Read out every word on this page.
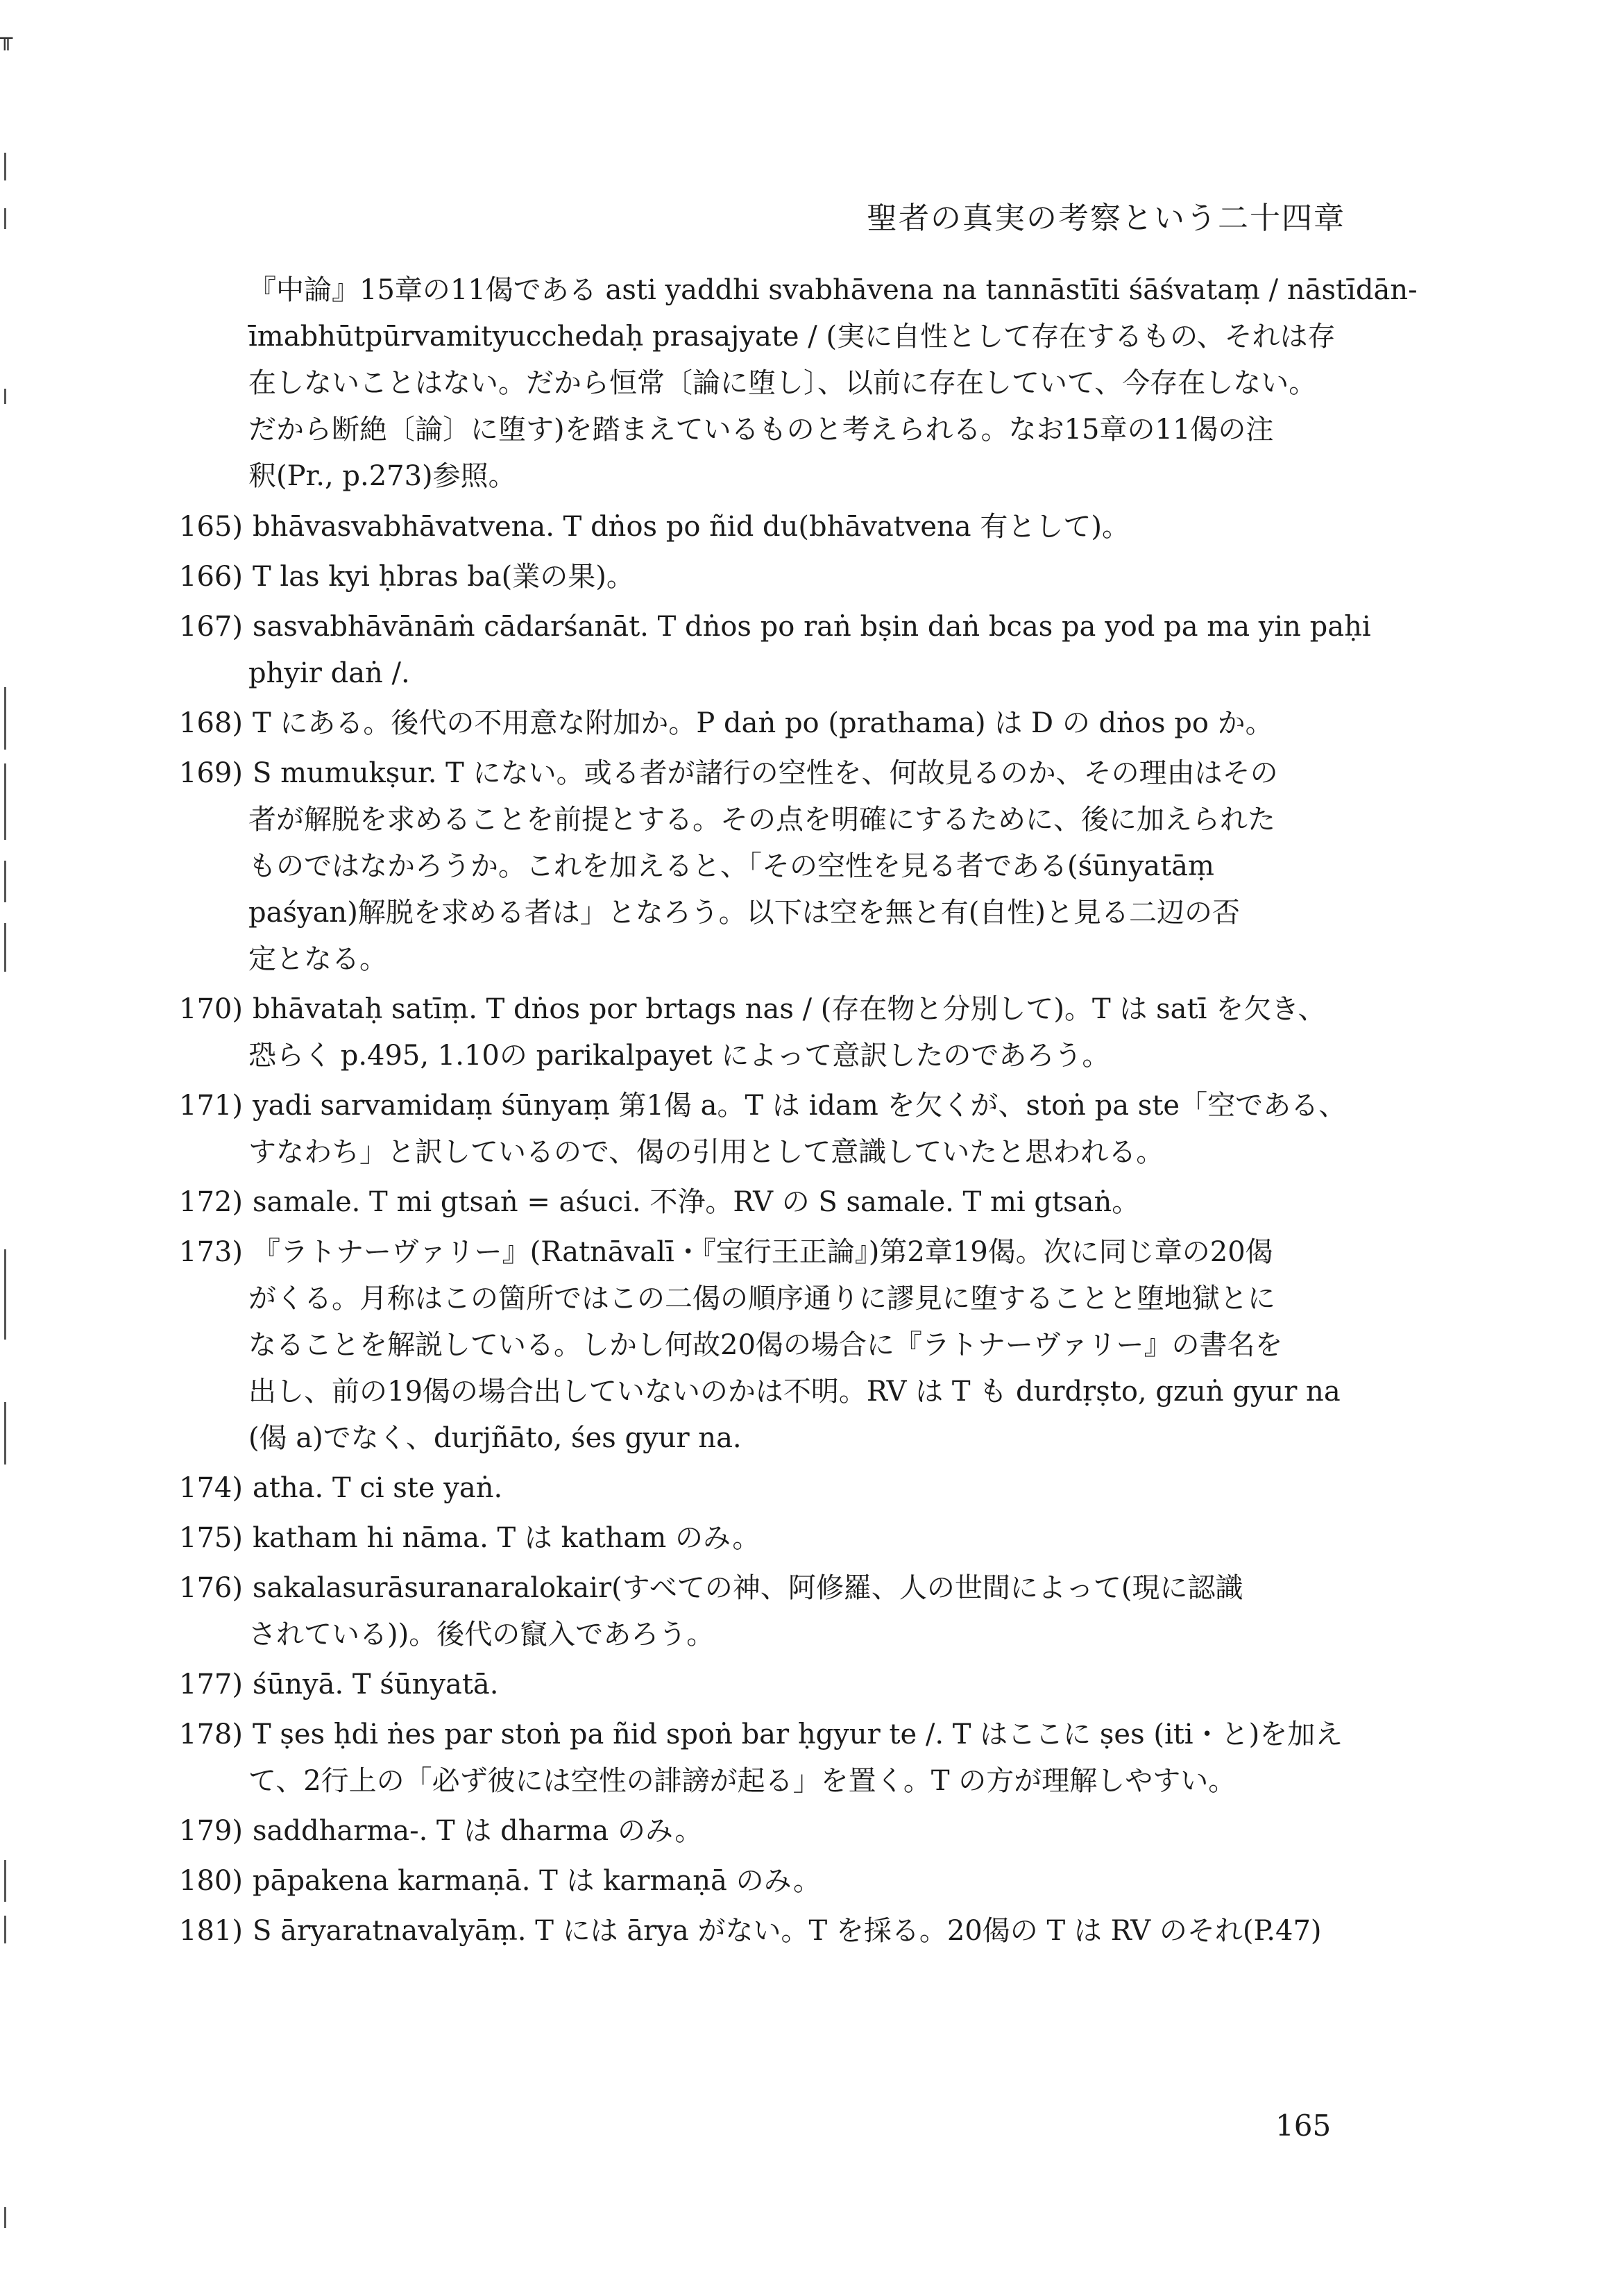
╥
聖者の真実の考察という二十四章

『中論』15章の11偈である asti yaddhi svabhāvena na tannāstīti śāśvataṃ / nāstīdān-

īmabhūtpūrvamityucchedaḥ prasajyate / (実に自性として存在するもの、それは存

在しないことはない。だから恒常〔論に堕し〕、以前に存在していて、今存在しない。

だから断絶〔論〕に堕す)を踏まえているものと考えられる。なお15章の11偈の注

釈(Pr., p.273)参照。

165) bhāvasvabhāvatvena. T dṅos po ñid du(bhāvatvena 有として)。

166) T las kyi ḥbras ba(業の果)。

167) sasvabhāvānāṁ cādarśanāt. T dṅos po raṅ bṣin daṅ bcas pa yod pa ma yin paḥi

phyir daṅ /.

168) T にある。後代の不用意な附加か。P daṅ po (prathama) は D の dṅos po か。

169) S mumukṣur. T にない。或る者が諸行の空性を、何故見るのか、その理由はその

者が解脱を求めることを前提とする。その点を明確にするために、後に加えられた

ものではなかろうか。これを加えると、「その空性を見る者である(śūnyatāṃ

paśyan)解脱を求める者は」となろう。以下は空を無と有(自性)と見る二辺の否

定となる。

170) bhāvataḥ satīṃ. T dṅos por brtags nas / (存在物と分別して)。T は satī を欠き、

恐らく p.495, 1.10の parikalpayet によって意訳したのであろう。

171) yadi sarvamidaṃ śūnyaṃ 第1偈 a。T は idam を欠くが、stoṅ pa ste「空である、

すなわち」と訳しているので、偈の引用として意識していたと思われる。

172) samale. T mi gtsaṅ = aśuci. 不浄。RV の S samale. T mi gtsaṅ。

173) 『ラトナーヴァリー』(Ratnāvalī・『宝行王正論』)第2章19偈。次に同じ章の20偈

がくる。月称はこの箇所ではこの二偈の順序通りに謬見に堕することと堕地獄とに

なることを解説している。しかし何故20偈の場合に『ラトナーヴァリー』の書名を

出し、前の19偈の場合出していないのかは不明。RV は T も durdṛṣto, gzuṅ gyur na

(偈 a)でなく、durjñāto, śes gyur na.

174) atha. T ci ste yaṅ.

175) katham hi nāma. T は katham のみ。

176) sakalasurāsuranaralokair(すべての神、阿修羅、人の世間によって(現に認識

されている))。後代の竄入であろう。

177) śūnyā. T śūnyatā.

178) T ṣes ḥdi ṅes par stoṅ pa ñid spoṅ bar ḥgyur te /. T はここに ṣes (iti・と)を加え

て、2行上の「必ず彼には空性の誹謗が起る」を置く。T の方が理解しやすい。

179) saddharma-. T は dharma のみ。

180) pāpakena karmaṇā. T は karmaṇā のみ。

181) S āryaratnavalyāṃ. T には ārya がない。T を採る。20偈の T は RV のそれ(P.47)

165
